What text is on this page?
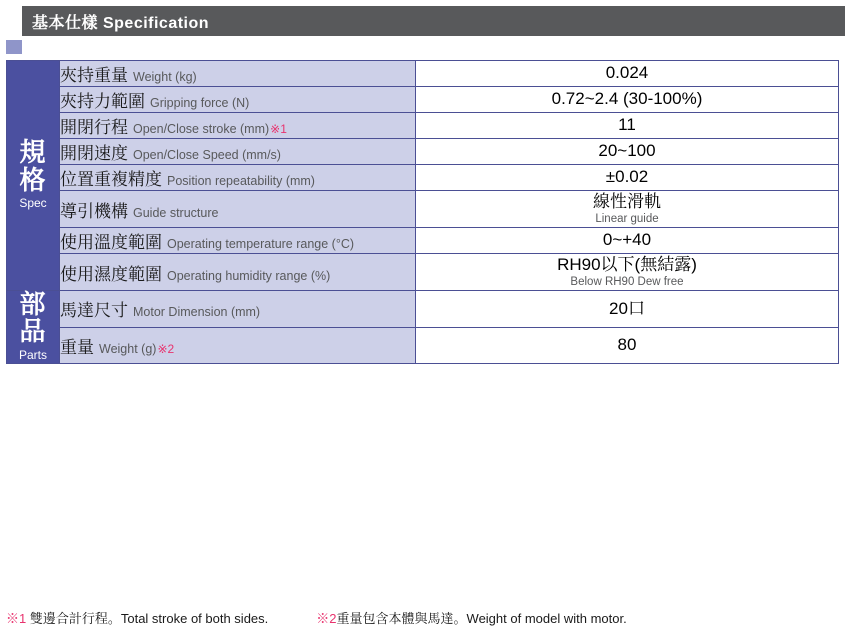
基本仕樣 Specification
規格
Spec	夾持重量 Weight (kg)	0.024

	夾持力範圍 Gripping force (N)	0.72~2.4 (30-100%)

	開閉行程 Open/Close stroke (mm)※1	11

	開閉速度 Open/Close Speed (mm/s)	20~100

	位置重複精度 Position repeatability (mm)	±0.02

	導引機構 Guide structure	線性滑軌
Linear guide

	使用溫度範圍 Operating temperature range (°C)	0~+40

	使用濕度範圍 Operating humidity range (%)	RH90以下(無結露)
Below RH90 Dew free

部品
Parts	馬達尺寸 Motor Dimension (mm)	20口

	重量 Weight (g)※2	80
※1 雙邊合計行程。Total stroke of both sides.	※2重量包含本體與馬達。Weight of model with motor.
